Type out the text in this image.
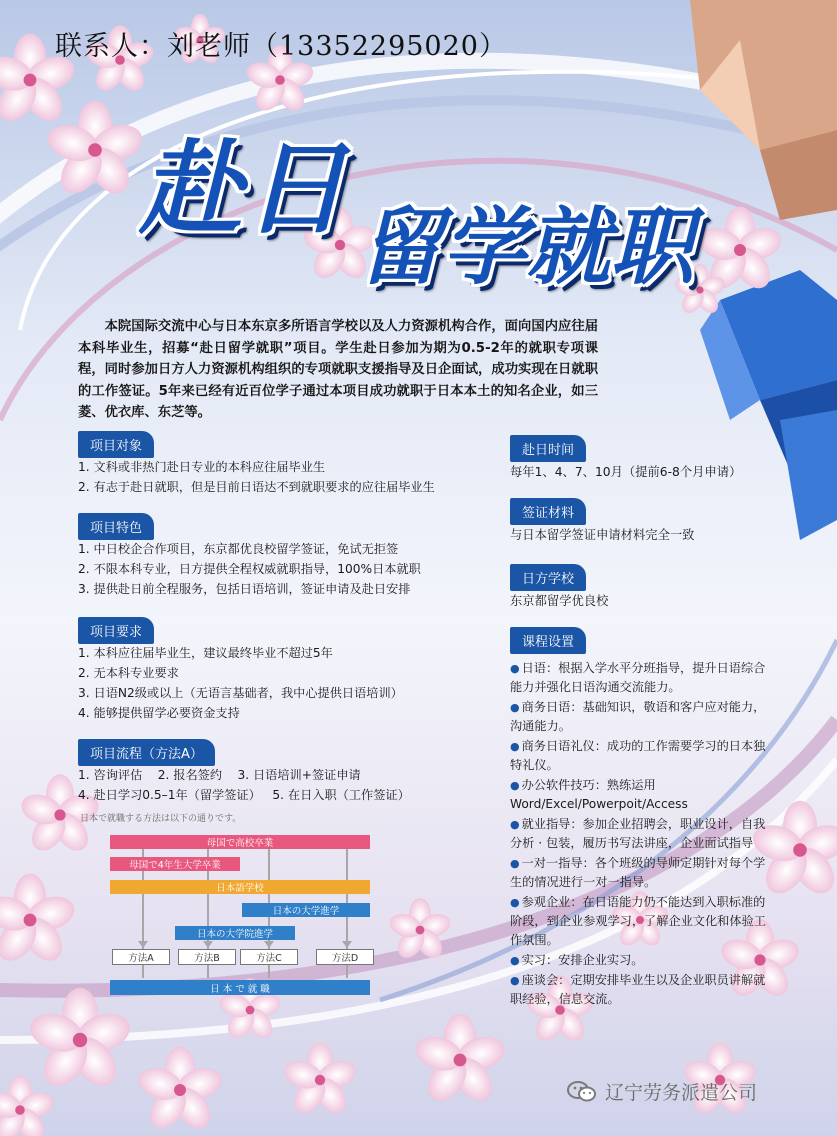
联系人：刘老师（13352295020）
赴日 留学就职
本院国际交流中心与日本东京多所语言学校以及人力资源机构合作，面向国内应往届本科毕业生，招募“赴日留学就职”项目。学生赴日参加为期为0.5-2年的就职专项课程，同时参加日方人力资源机构组织的专项就职支援指导及日企面试，成功实现在日就职的工作签证。5年来已经有近百位学子通过本项目成功就职于日本本土的知名企业，如三菱、优衣库、东芝等。
项目对象
1. 文科或非热门赴日专业的本科应往届毕业生
2. 有志于赴日就职，但是目前日语达不到就职要求的应往届毕业生
项目特色
1. 中日校企合作项目，东京都优良校留学签证，免试无拒签
2. 不限本科专业，日方提供全程权威就职指导，100%日本就职
3. 提供赴日前全程服务，包括日语培训，签证申请及赴日安排
项目要求
1. 本科应往届毕业生，建议最终毕业不超过5年
2. 无本科专业要求
3. 日语N2级或以上（无语言基础者，我中心提供日语培训）
4. 能够提供留学必要资金支持
项目流程（方法A）
1. 咨询评估    2. 报名签约    3. 日语培训+签证申请
4. 赴日学习0.5–1年（留学签证）   5. 在日入职（工作签证）
赴日时间
每年1、4、7、10月（提前6-8个月申请）
签证材料
与日本留学签证申请材料完全一致
日方学校
东京都留学优良校
课程设置
● 日语：根据入学水平分班指导，提升日语综合能力并强化日语沟通交流能力。
● 商务日语：基础知识，敬语和客户应对能力，沟通能力。
● 商务日语礼仪：成功的工作需要学习的日本独特礼仪。
● 办公软件技巧：熟练运用Word/Excel/Powerpoit/Access
● 就业指导：参加企业招聘会，职业设计，自我分析 · 包装，履历书写法讲座，企业面试指导
● 一对一指导：各个班级的导师定期针对每个学生的情况进行一对一指导。
● 参观企业：在日语能力仍不能达到入职标准的阶段，到企业参观学习，了解企业文化和体验工作氛围。
● 实习：安排企业实习。
● 座谈会：定期安排毕业生以及企业职员讲解就职经验，信息交流。
日本で就職する方法は以下の通りです。
母国で高校卒業
母国で4年生大学卒業
日本語学校
日本の大学進学
日本の大学院進学
方法A	方法B	方法C	方法D
日 本 で 就 職
辽宁劳务派遣公司
